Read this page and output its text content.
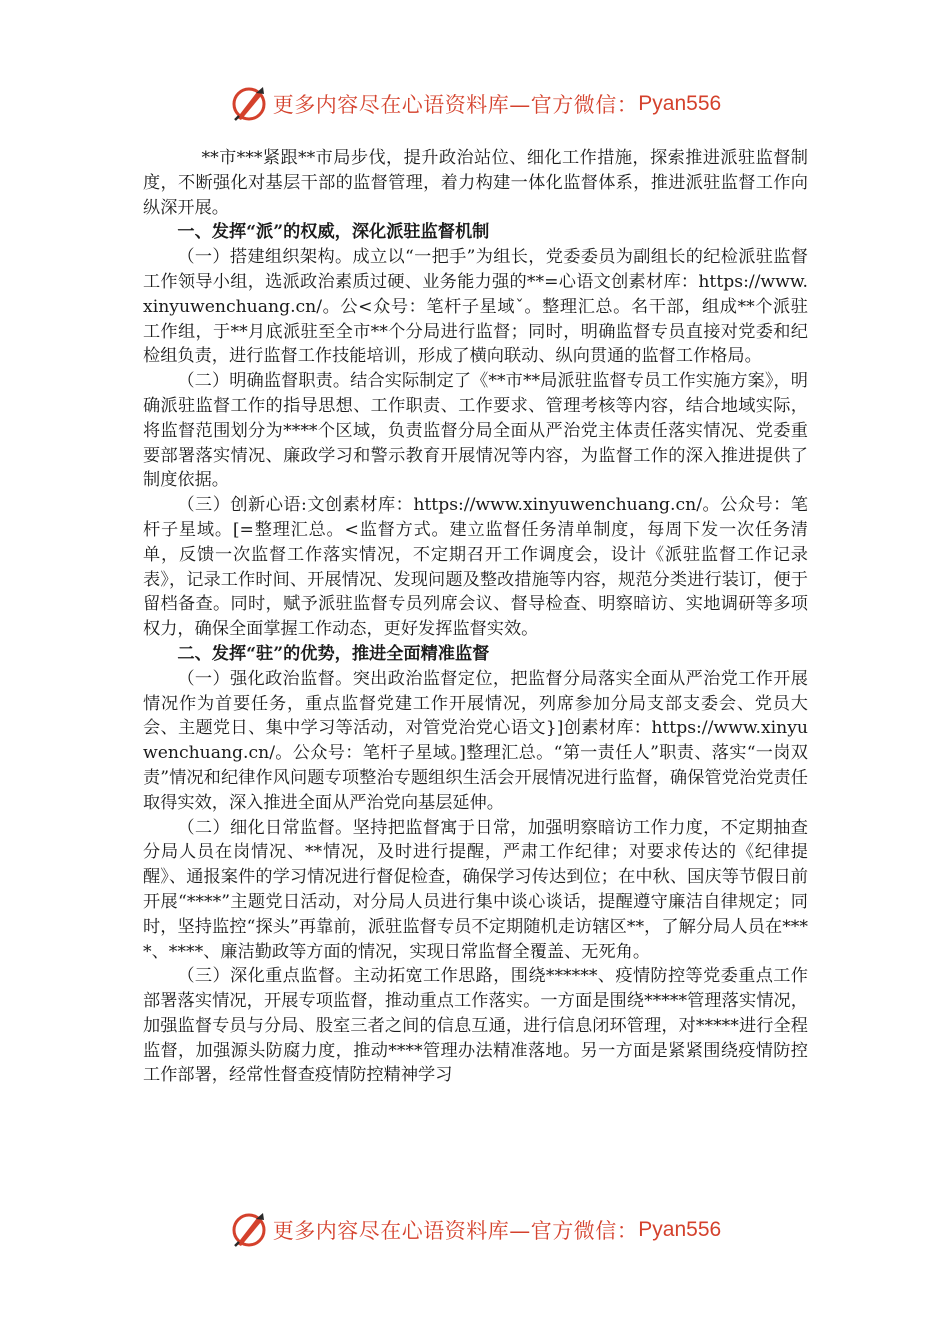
更多内容尽在心语资料库—官方微信： Pyan556

**市***紧跟**市局步伐，提升政治站位、细化工作措施，探索推进派驻监督制度，不断强化对基层干部的监督管理，着力构建一体化监督体系，推进派驻监督工作向纵深开展。

一、发挥“派”的权威，深化派驻监督机制

（一）搭建组织架构。成立以“一把手”为组长，党委委员为副组长的纪检派驻监督工作领导小组，选派政治素质过硬、业务能力强的**=心语文创素材库：https://www.xinyuwenchuang.cn/。公<众号：笔杆子星域ˇ。整理汇总。名干部，组成**个派驻工作组，于**月底派驻至全市**个分局进行监督；同时，明确监督专员直接对党委和纪检组负责，进行监督工作技能培训，形成了横向联动、纵向贯通的监督工作格局。

（二）明确监督职责。结合实际制定了《**市**局派驻监督专员工作实施方案》，明确派驻监督工作的指导思想、工作职责、工作要求、管理考核等内容，结合地域实际，将监督范围划分为****个区域，负责监督分局全面从严治党主体责任落实情况、党委重要部署落实情况、廉政学习和警示教育开展情况等内容，为监督工作的深入推进提供了制度依据。

（三）创新心语:文创素材库：https://www.xinyuwenchuang.cn/。公众号：笔杆子星域。[=整理汇总。<监督方式。建立监督任务清单制度，每周下发一次任务清单，反馈一次监督工作落实情况，不定期召开工作调度会，设计《派驻监督工作记录表》，记录工作时间、开展情况、发现问题及整改措施等内容，规范分类进行装订，便于留档备查。同时，赋予派驻监督专员列席会议、督导检查、明察暗访、实地调研等多项权力，确保全面掌握工作动态，更好发挥监督实效。

二、发挥“驻”的优势，推进全面精准监督

（一）强化政治监督。突出政治监督定位，把监督分局落实全面从严治党工作开展情况作为首要任务，重点监督党建工作开展情况，列席参加分局支部支委会、党员大会、主题党日、集中学习等活动，对管党治党心语文}]创素材库：https://www.xinyuwenchuang.cn/。公众号：笔杆子星域。]整理汇总。“第一责任人”职责、落实“一岗双责”情况和纪律作风问题专项整治专题组织生活会开展情况进行监督，确保管党治党责任取得实效，深入推进全面从严治党向基层延伸。

（二）细化日常监督。坚持把监督寓于日常，加强明察暗访工作力度，不定期抽查分局人员在岗情况、**情况，及时进行提醒，严肃工作纪律；对要求传达的《纪律提醒》、通报案件的学习情况进行督促检查，确保学习传达到位；在中秋、国庆等节假日前开展“****”主题党日活动，对分局人员进行集中谈心谈话，提醒遵守廉洁自律规定；同时，坚持监控“探头”再靠前，派驻监督专员不定期随机走访辖区**，了解分局人员在****、****、廉洁勤政等方面的情况，实现日常监督全覆盖、无死角。

（三）深化重点监督。主动拓宽工作思路，围绕******、疫情防控等党委重点工作部署落实情况，开展专项监督，推动重点工作落实。一方面是围绕*****管理落实情况，加强监督专员与分局、股室三者之间的信息互通，进行信息闭环管理，对*****进行全程监督，加强源头防腐力度，推动****管理办法精准落地。另一方面是紧紧围绕疫情防控工作部署，经常性督查疫情防控精神学习

更多内容尽在心语资料库—官方微信： Pyan556
